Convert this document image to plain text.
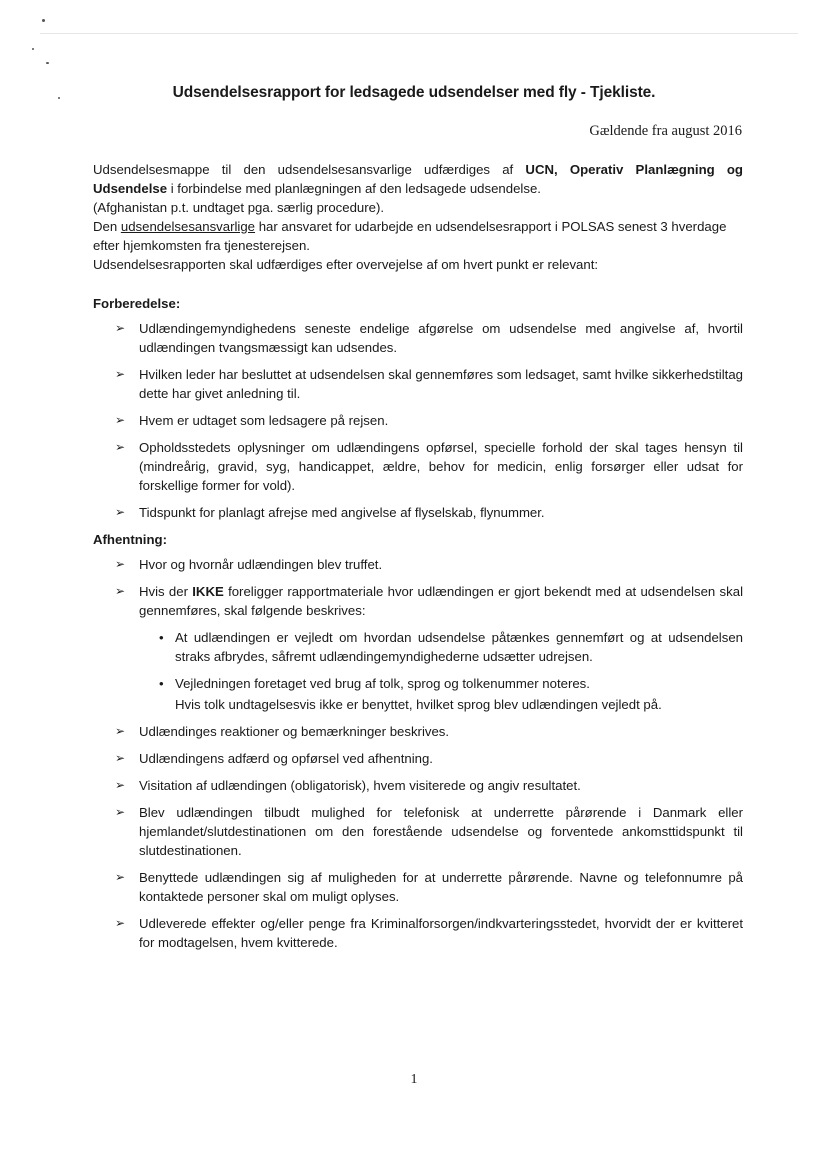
Udsendelsesrapport for ledsagede udsendelser med fly - Tjekliste.
Gældende fra august 2016

Udsendelsesmappe til den udsendelsesansvarlige udfærdiges af UCN, Operativ Planlægning og Udsendelse i forbindelse med planlægningen af den ledsagede udsendelse.
(Afghanistan p.t. undtaget pga. særlig procedure).

Den udsendelsesansvarlige har ansvaret for udarbejde en udsendelsesrapport i POLSAS senest 3 hverdage efter hjemkomsten fra tjenesterejsen.

Udsendelsesrapporten skal udfærdiges efter overvejelse af om hvert punkt er relevant:

Forberedelse:
➢ Udlændingemyndighedens seneste endelige afgørelse om udsendelse med angivelse af, hvortil udlændingen tvangsmæssigt kan udsendes.
➢ Hvilken leder har besluttet at udsendelsen skal gennemføres som ledsaget, samt hvilke sikkerhedstiltag dette har givet anledning til.
➢ Hvem er udtaget som ledsagere på rejsen.
➢ Opholdsstedets oplysninger om udlændingens opførsel, specielle forhold der skal tages hensyn til (mindreårig, gravid, syg, handicappet, ældre, behov for medicin, enlig forsørger eller udsat for forskellige former for vold).
➢ Tidspunkt for planlagt afrejse med angivelse af flyselskab, flynummer.
Afhentning:
➢ Hvor og hvornår udlændingen blev truffet.
➢ Hvis der IKKE foreligger rapportmateriale hvor udlændingen er gjort bekendt med at udsendelsen skal gennemføres, skal følgende beskrives:
• At udlændingen er vejledt om hvordan udsendelse påtænkes gennemført og at udsendelsen straks afbrydes, såfremt udlændingemyndighederne udsætter udrejsen.
• Vejledningen foretaget ved brug af tolk, sprog og tolkenummer noteres.

Hvis tolk undtagelsesvis ikke er benyttet, hvilket sprog blev udlændingen vejledt på.

➢ Udlændinges reaktioner og bemærkninger beskrives.
➢ Udlændingens adfærd og opførsel ved afhentning.
➢ Visitation af udlændingen (obligatorisk), hvem visiterede og angiv resultatet.
➢ Blev udlændingen tilbudt mulighed for telefonisk at underrette pårørende i Danmark eller hjemlandet/slutdestinationen om den forestående udsendelse og forventede ankomsttidspunkt til slutdestinationen.
➢ Benyttede udlændingen sig af muligheden for at underrette pårørende. Navne og telefonnumre på kontaktede personer skal om muligt oplyses.
➢ Udleverede effekter og/eller penge fra Kriminalforsorgen/indkvarteringsstedet, hvorvidt der er kvitteret for modtagelsen, hvem kvitterede.
1
